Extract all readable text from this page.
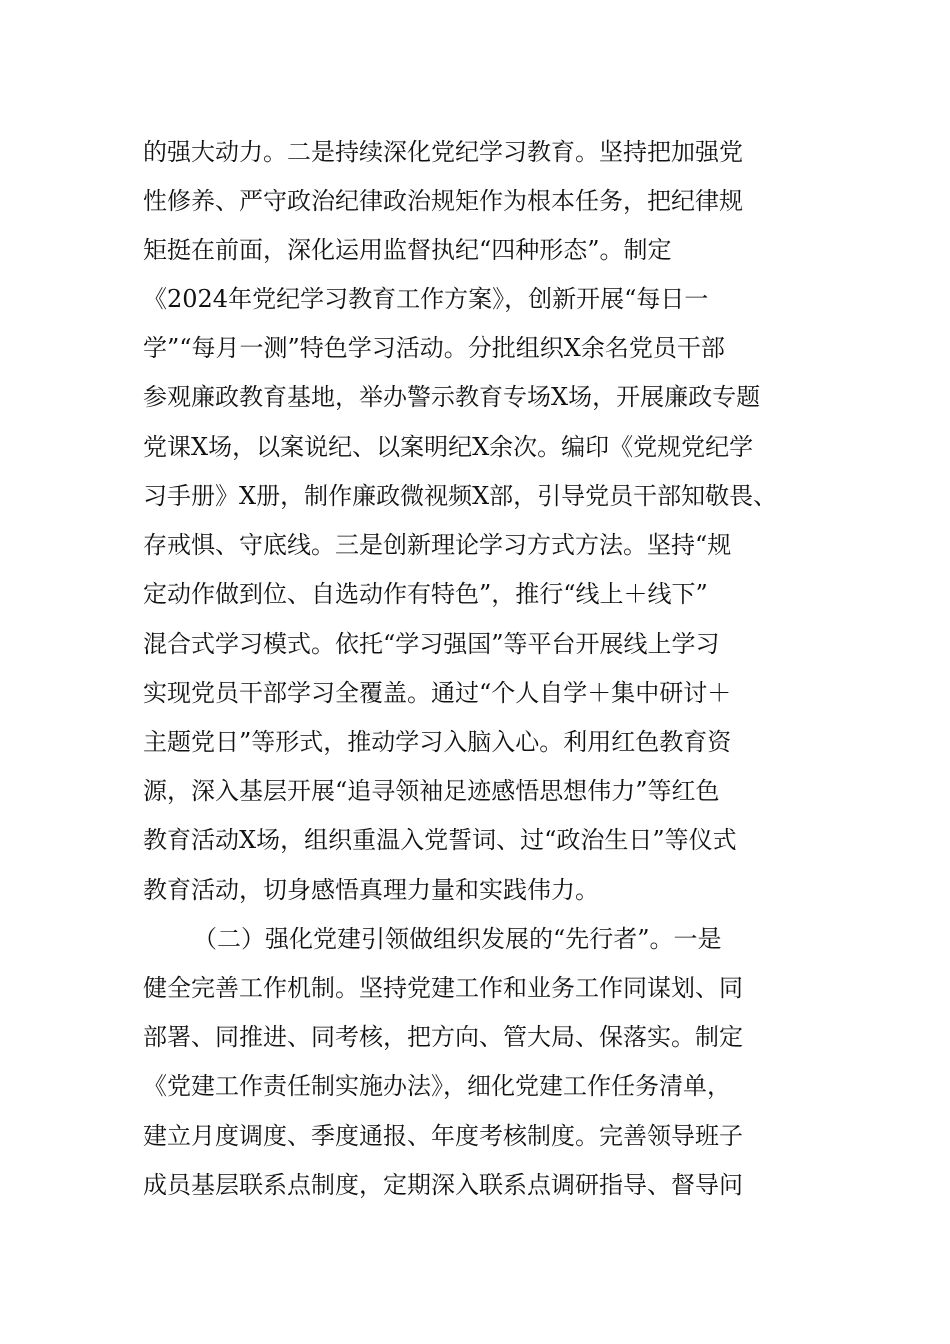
的强大动力。二是持续深化党纪学习教育。坚持把加强党
性修养、严守政治纪律政治规矩作为根本任务，把纪律规
矩挺在前面，深化运用监督执纪“四种形态”。制定
《2024年党纪学习教育工作方案》，创新开展“每日一
学”“每月一测”特色学习活动。分批组织X余名党员干部
参观廉政教育基地，举办警示教育专场X场，开展廉政专题
党课X场，以案说纪、以案明纪X余次。编印《党规党纪学
习手册》X册，制作廉政微视频X部，引导党员干部知敬畏、
存戒惧、守底线。三是创新理论学习方式方法。坚持“规
定动作做到位、自选动作有特色”，推行“线上＋线下”
混合式学习模式。依托“学习强国”等平台开展线上学习
实现党员干部学习全覆盖。通过“个人自学＋集中研讨＋
主题党日”等形式，推动学习入脑入心。利用红色教育资
源，深入基层开展“追寻领袖足迹感悟思想伟力”等红色
教育活动X场，组织重温入党誓词、过“政治生日”等仪式
教育活动，切身感悟真理力量和实践伟力。
（二）强化党建引领做组织发展的“先行者”。一是
健全完善工作机制。坚持党建工作和业务工作同谋划、同
部署、同推进、同考核，把方向、管大局、保落实。制定
《党建工作责任制实施办法》，细化党建工作任务清单，
建立月度调度、季度通报、年度考核制度。完善领导班子
成员基层联系点制度，定期深入联系点调研指导、督导问
